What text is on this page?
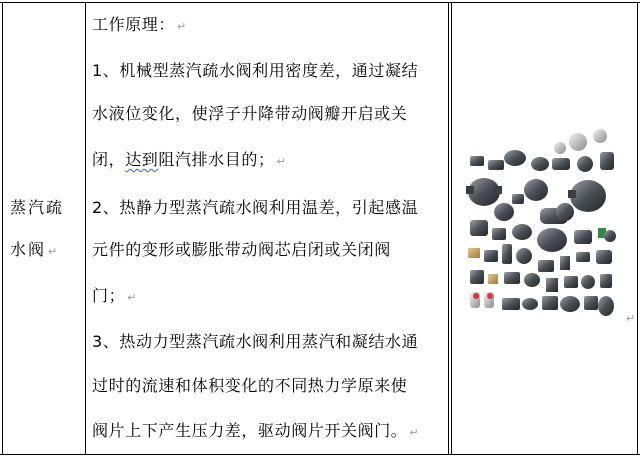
蒸汽疏
水阀 ↵
工作原理： ↵
1、机械型蒸汽疏水阀利用密度差，通过凝结
水液位变化，使浮子升降带动阀瓣开启或关
闭，达到阻汽排水目的； ↵
2、热静力型蒸汽疏水阀利用温差，引起感温
元件的变形或膨胀带动阀芯启闭或关闭阀
门； ↵
3、热动力型蒸汽疏水阀利用蒸汽和凝结水通
过时的流速和体积变化的不同热力学原来使
阀片上下产生压力差，驱动阀片开关阀门。 ↵
↵
